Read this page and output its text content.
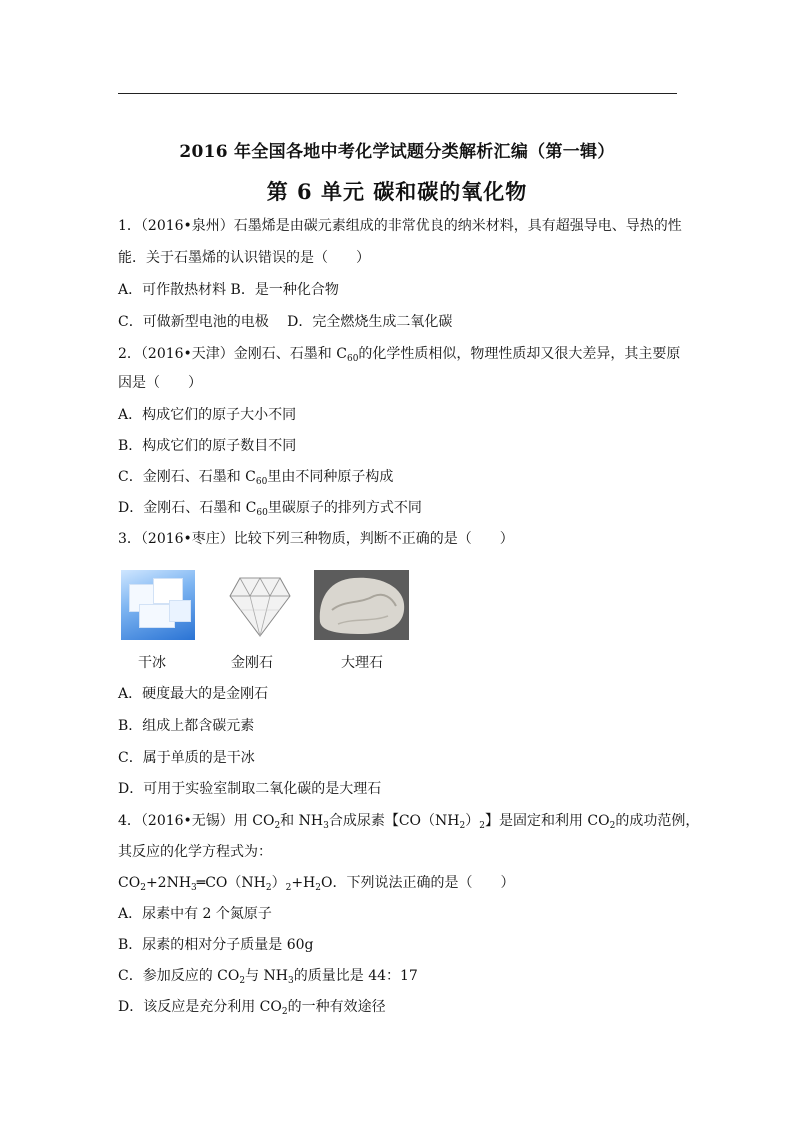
2016 年全国各地中考化学试题分类解析汇编（第一辑）
第 6 单元 碳和碳的氧化物
1．（2016•泉州）石墨烯是由碳元素组成的非常优良的纳米材料，具有超强导电、导热的性
能．关于石墨烯的认识错误的是（　　）
A．可作散热材料 B．是一种化合物
C．可做新型电池的电极　 D．完全燃烧生成二氧化碳
2．（2016•天津）金刚石、石墨和 $C_{60}$的化学性质相似，物理性质却又很大差异，其主要原
因是（　　）
A．构成它们的原子大小不同
B．构成它们的原子数目不同
C．金刚石、石墨和 $C_{60}$里由不同种原子构成
D．金刚石、石墨和 $C_{60}$里碳原子的排列方式不同
3．（2016•枣庄）比较下列三种物质，判断不正确的是（　　）
干冰	金刚石	大理石
A．硬度最大的是金刚石
B．组成上都含碳元素
C．属于单质的是干冰
D．可用于实验室制取二氧化碳的是大理石
4．（2016•无锡）用 $CO_2$和 $NH_3$合成尿素【$CO(NH_2)_2$】是固定和利用 $CO_2$的成功范例，
其反应的化学方程式为：
$CO_2+2NH_3═CO(NH_2)_2+H_2O$．下列说法正确的是（　　）
A．尿素中有 2 个氮原子
B．尿素的相对分子质量是 60g
C．参加反应的 $CO_2$与 $NH_3$的质量比是 44：17
D．该反应是充分利用 $CO_2$的一种有效途径
